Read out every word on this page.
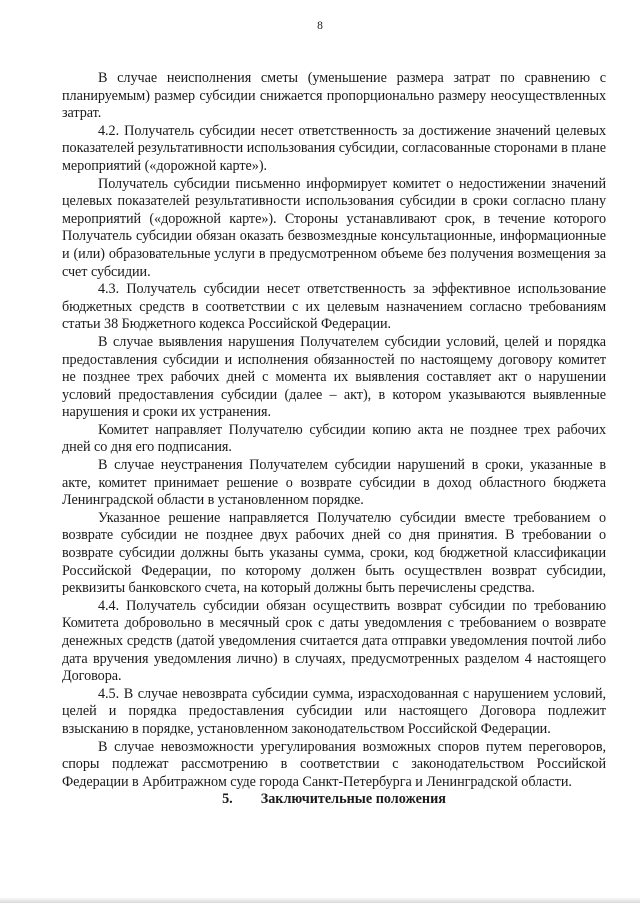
8

В случае неисполнения сметы (уменьшение размера затрат по сравнению с планируемым) размер субсидии снижается пропорционально размеру неосуществленных затрат.

4.2. Получатель субсидии несет ответственность за достижение значений целевых показателей результативности использования субсидии, согласованные сторонами в плане мероприятий («дорожной карте»).

Получатель субсидии письменно информирует комитет о недостижении значений целевых показателей результативности использования субсидии в сроки согласно плану мероприятий («дорожной карте»). Стороны устанавливают срок, в течение которого Получатель субсидии обязан оказать безвозмездные консультационные, информационные и (или) образовательные услуги в предусмотренном объеме без получения возмещения за счет субсидии.

4.3. Получатель субсидии несет ответственность за эффективное использование бюджетных средств в соответствии с их целевым назначением согласно требованиям статьи 38 Бюджетного кодекса Российской Федерации.

В случае выявления нарушения Получателем субсидии условий, целей и порядка предоставления субсидии и исполнения обязанностей по настоящему договору комитет не позднее трех рабочих дней с момента их выявления составляет акт о нарушении условий предоставления субсидии (далее – акт), в котором указываются выявленные нарушения и сроки их устранения.

Комитет направляет Получателю субсидии копию акта не позднее трех рабочих дней со дня его подписания.

В случае неустранения Получателем субсидии нарушений в сроки, указанные в акте, комитет принимает решение о возврате субсидии в доход областного бюджета Ленинградской области в установленном порядке.

Указанное решение направляется Получателю субсидии вместе требованием о возврате субсидии не позднее двух рабочих дней со дня принятия. В требовании о возврате субсидии должны быть указаны сумма, сроки, код бюджетной классификации Российской Федерации, по которому должен быть осуществлен возврат субсидии, реквизиты банковского счета, на который должны быть перечислены средства.

4.4. Получатель субсидии обязан осуществить возврат субсидии по требованию Комитета добровольно в месячный срок с даты уведомления с требованием о возврате денежных средств (датой уведомления считается дата отправки уведомления почтой либо дата вручения уведомления лично) в случаях, предусмотренных разделом 4 настоящего Договора.

4.5. В случае невозврата субсидии сумма, израсходованная с нарушением условий, целей и порядка предоставления субсидии или настоящего Договора подлежит взысканию в порядке, установленном законодательством Российской Федерации.

В случае невозможности урегулирования возможных споров путем переговоров, споры подлежат рассмотрению в соответствии с законодательством Российской Федерации в Арбитражном суде города Санкт-Петербурга и Ленинградской области.

5. Заключительные положения
